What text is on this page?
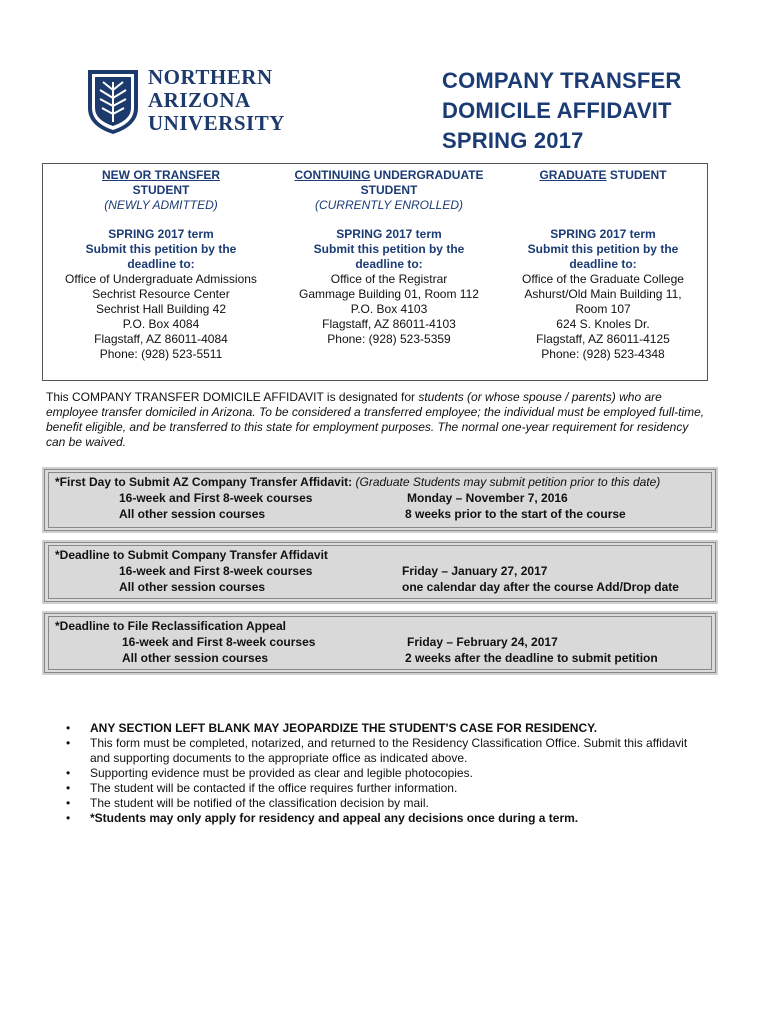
NORTHERN
ARIZONA
UNIVERSITY
COMPANY TRANSFER
DOMICILE AFFIDAVIT
SPRING 2017
NEW OR TRANSFER
STUDENT
(NEWLY ADMITTED)
SPRING 2017 term
Submit this petition by the
deadline to:
Office of Undergraduate Admissions
Sechrist Resource Center
Sechrist Hall Building 42
P.O. Box 4084
Flagstaff, AZ 86011-4084
Phone: (928) 523-5511
CONTINUING UNDERGRADUATE
STUDENT
(CURRENTLY ENROLLED)
SPRING 2017 term
Submit this petition by the
deadline to:
Office of the Registrar
Gammage Building 01, Room 112
P.O. Box 4103
Flagstaff, AZ 86011-4103
Phone: (928) 523-5359
GRADUATE STUDENT
SPRING 2017 term
Submit this petition by the
deadline to:
Office of the Graduate College
Ashurst/Old Main Building 11,
Room 107
624 S. Knoles Dr.
Flagstaff, AZ 86011-4125
Phone: (928) 523-4348
This COMPANY TRANSFER DOMICILE AFFIDAVIT is designated for students (or whose spouse / parents) who are employee transfer domiciled in Arizona. To be considered a transferred employee; the individual must be employed full-time, benefit eligible, and be transferred to this state for employment purposes. The normal one-year requirement for residency can be waived.
*First Day to Submit AZ Company Transfer Affidavit: (Graduate Students may submit petition prior to this date)
16-week and First 8-week courses	Monday – November 7, 2016
All other session courses	8 weeks prior to the start of the course
*Deadline to Submit Company Transfer Affidavit
16-week and First 8-week courses	Friday – January 27, 2017
All other session courses	one calendar day after the course Add/Drop date
*Deadline to File Reclassification Appeal
16-week and First 8-week courses	Friday – February 24, 2017
All other session courses	2 weeks after the deadline to submit petition
• ANY SECTION LEFT BLANK MAY JEOPARDIZE THE STUDENT'S CASE FOR RESIDENCY.
• This form must be completed, notarized, and returned to the Residency Classification Office. Submit this affidavit and supporting documents to the appropriate office as indicated above.
• Supporting evidence must be provided as clear and legible photocopies.
• The student will be contacted if the office requires further information.
• The student will be notified of the classification decision by mail.
• *Students may only apply for residency and appeal any decisions once during a term.
